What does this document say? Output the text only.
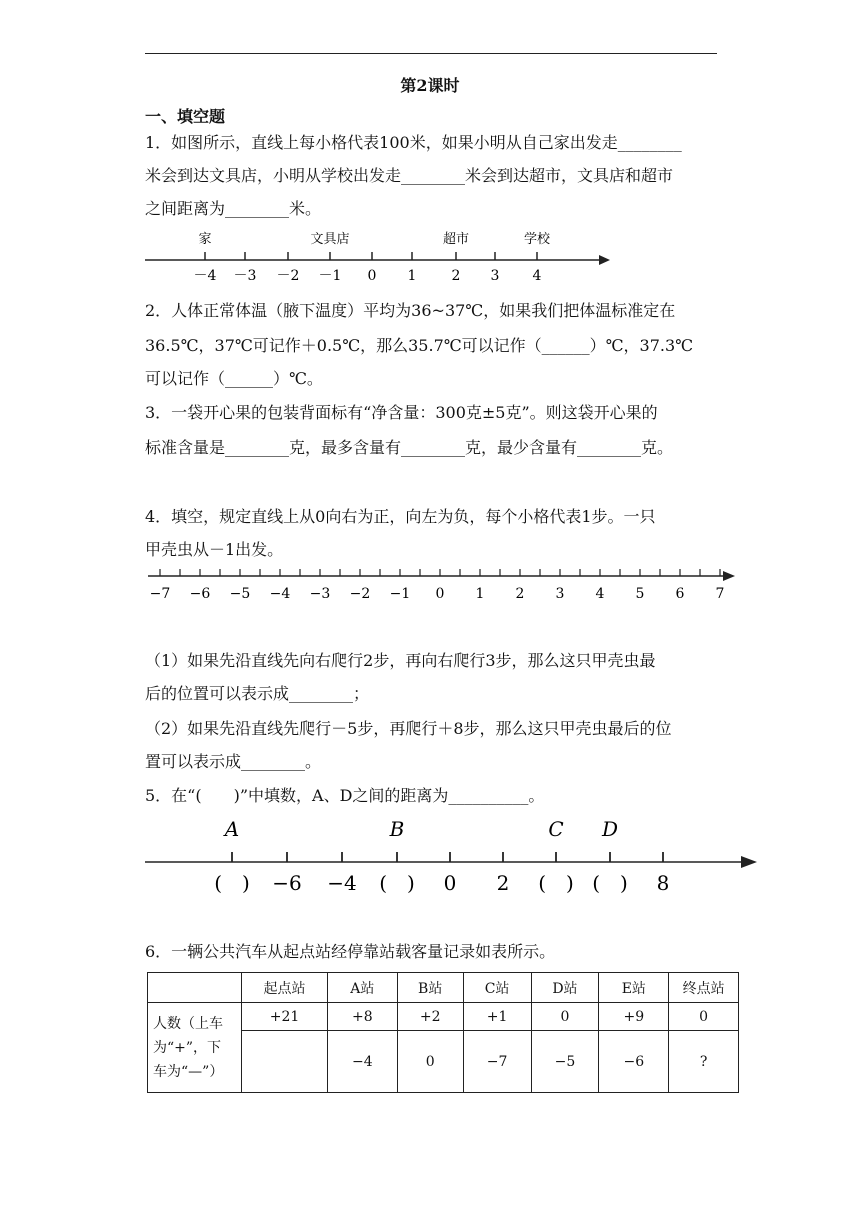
第2课时
一、填空题
1．如图所示，直线上每小格代表100米，如果小明从自己家出发走________
米会到达文具店，小明从学校出发走________米会到达超市，文具店和超市
之间距离为________米。
家	文具店	超市	学校
－4 －3 －2 －1 0 1	2 3 4
2．人体正常体温（腋下温度）平均为36~37℃，如果我们把体温标准定在
36.5℃，37℃可记作＋0.5℃，那么35.7℃可以记作（______）℃，37.3℃
可以记作（______）℃。
3．一袋开心果的包装背面标有“净含量：300克±5克”。则这袋开心果的
标准含量是________克，最多含量有________克，最少含量有________克。
4．填空，规定直线上从0向右为正，向左为负，每个小格代表1步。一只
甲壳虫从－1出发。
−7 −6 −5 −4 −3 −2 −1 0 1 2 3 4 5 6 7
（1）如果先沿直线先向右爬行2步，再向右爬行3步，那么这只甲壳虫最
后的位置可以表示成________；
（2）如果先沿直线先爬行－5步，再爬行＋8步，那么这只甲壳虫最后的位
置可以表示成________。
5．在“(　　)”中填数，A、D之间的距离为__________。
(　) −6 −4 (　) 0 2 (　) (　) 8
A	B	C D
6．一辆公共汽车从起点站经停靠站载客量记录如表所示。
	起点站	A站	B站	C站	D站	E站	终点站

人数（上车
为“+”，下
车为“—”）	+21	+8	+2	+1	0	+9	0
		−4	0	−7	−5	−6	?
